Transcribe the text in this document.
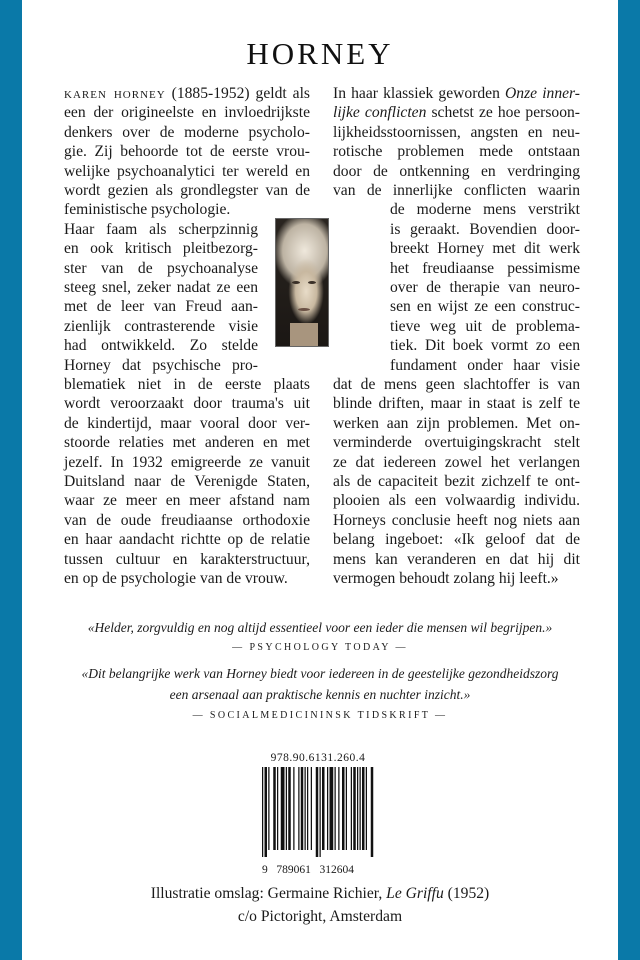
HORNEY
«Helder, zorgvuldig en nog altijd essentieel voor een ieder die mensen wil begrijpen.»
— PSYCHOLOGY TODAY —
«Dit belangrijke werk van Horney biedt voor iedereen in de geestelijke gezondheidszorg
een arsenaal aan praktische kennis en nuchter inzicht.»
— SOCIALMEDICININSK TIDSKRIFT —
978.90.6131.260.4
9   789061   312604
Illustratie omslag: Germaine Richier, Le Griffu (1952)
c/o Pictoright, Amsterdam
karen horney (1885-1952) geldt als
een der origineelste en invloedrijkste
denkers over de moderne psycholo-
gie. Zij behoorde tot de eerste vrou-
welijke psychoanalytici ter wereld en
wordt gezien als grondlegster van de
feministische psychologie.
Haar faam als scherpzinnig
en ook kritisch pleitbezorg-
ster van de psychoanalyse
steeg snel, zeker nadat ze een
met de leer van Freud aan-
zienlijk contrasterende visie
had ontwikkeld. Zo stelde
Horney dat psychische pro-
blematiek niet in de eerste plaats
wordt veroorzaakt door trauma's uit
de kindertijd, maar vooral door ver-
stoorde relaties met anderen en met
jezelf. In 1932 emigreerde ze vanuit
Duitsland naar de Verenigde Staten,
waar ze meer en meer afstand nam
van de oude freudiaanse orthodoxie
en haar aandacht richtte op de relatie
tussen cultuur en karakterstructuur,
en op de psychologie van de vrouw.
In haar klassiek geworden Onze inner-
lijke conflicten schetst ze hoe persoon-
lijkheidsstoornissen, angsten en neu-
rotische problemen mede ontstaan
door de ontkenning en verdringing
van de innerlijke conflicten waarin
de moderne mens verstrikt
is geraakt. Bovendien door-
breekt Horney met dit werk
het freudiaanse pessimisme
over de therapie van neuro-
sen en wijst ze een construc-
tieve weg uit de problema-
tiek. Dit boek vormt zo een
fundament onder haar visie
dat de mens geen slachtoffer is van
blinde driften, maar in staat is zelf te
werken aan zijn problemen. Met on-
verminderde overtuigingskracht stelt
ze dat iedereen zowel het verlangen
als de capaciteit bezit zichzelf te ont-
plooien als een volwaardig individu.
Horneys conclusie heeft nog niets aan
belang ingeboet: «Ik geloof dat de
mens kan veranderen en dat hij dit
vermogen behoudt zolang hij leeft.»
